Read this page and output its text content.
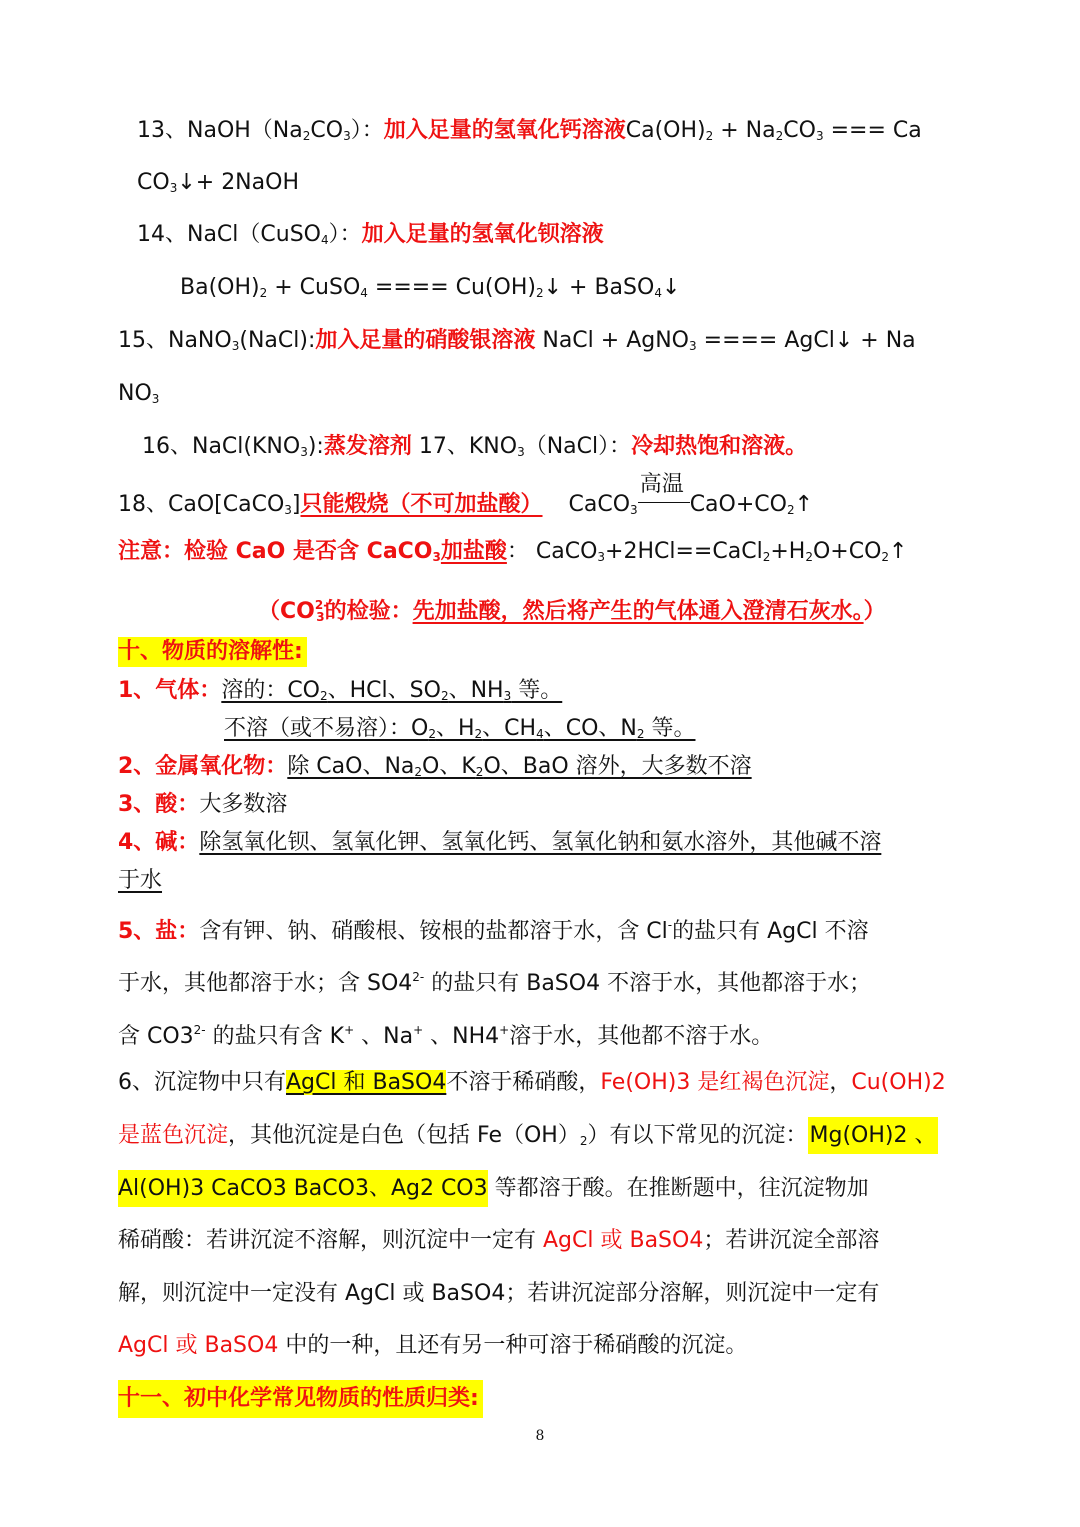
13、$NaOH(Na_2CO_3)$：加入足量的氢氧化钙溶液$Ca(OH)_2 + Na_2CO_3$ === Ca
$CO_3↓+$ 2NaOH
14、NaCl（CuSO$_4$）：加入足量的氢氧化钡溶液
$Ba(OH)_2$ + CuSO$_4$ ==== $Cu(OH)_2↓$ + BaSO$_4$↓
15、NaNO$_3$(NaCl):加入足量的硝酸银溶液 NaCl + AgNO$_3$ ==== AgCl↓ + Na
$NO_3$
16、$NaCl(KNO_3)$:蒸发溶剂 17、$KNO_3(NaCl)$：冷却热饱和溶液。
18、CaO[CaCO$_3$]只能煅烧（不可加盐酸） CaCO$_3$
高温
$CaO+CO_2↑$
注意：检验 CaO 是否含 CaCO$_3$加盐酸： $CaCO_3+2HCl==CaCl_2+H_2O+CO_2↑$
（$CO^{2-}_3$的检验：先加盐酸，然后将产生的气体通入澄清石灰水。）
十、物质的溶解性:
1、气体：溶的：$CO_2$、HCl、$SO_2$、$NH_3$ 等。
不溶（或不易溶）：$O_2$、$H_2$、$CH_4$、CO、$N_2$ 等。
2、金属氧化物：除 CaO、$Na_2O$、$K_2O$、BaO 溶外，大多数不溶
3、酸：大多数溶
4、碱：除氢氧化钡、氢氧化钾、氢氧化钙、氢氧化钠和氨水溶外，其他碱不溶
于水
5、盐：含有钾、钠、硝酸根、铵根的盐都溶于水，含 Cl-的盐只有 AgCl 不溶
于水，其他都溶于水；含 $SO4^{2-}$ 的盐只有 BaSO4 不溶于水，其他都溶于水；
含 $CO3^{2-}$ 的盐只有含 K+ 、Na+ 、NH4+溶于水，其他都不溶于水。
6、沉淀物中只有AgCl 和 BaSO4不溶于稀硝酸，Fe(OH)3 是红褐色沉淀，Cu(OH)2
是蓝色沉淀，其他沉淀是白色（包括 $Fe(OH)_2$）有以下常见的沉淀：Mg(OH)2 、
Al(OH)3 CaCO3 BaCO3、Ag2 CO3 等都溶于酸。在推断题中，往沉淀物加
稀硝酸：若讲沉淀不溶解，则沉淀中一定有 AgCl 或 BaSO4；若讲沉淀全部溶
解，则沉淀中一定没有 AgCl 或 BaSO4；若讲沉淀部分溶解，则沉淀中一定有
AgCl 或 BaSO4 中的一种，且还有另一种可溶于稀硝酸的沉淀。
十一、初中化学常见物质的性质归类:
8
